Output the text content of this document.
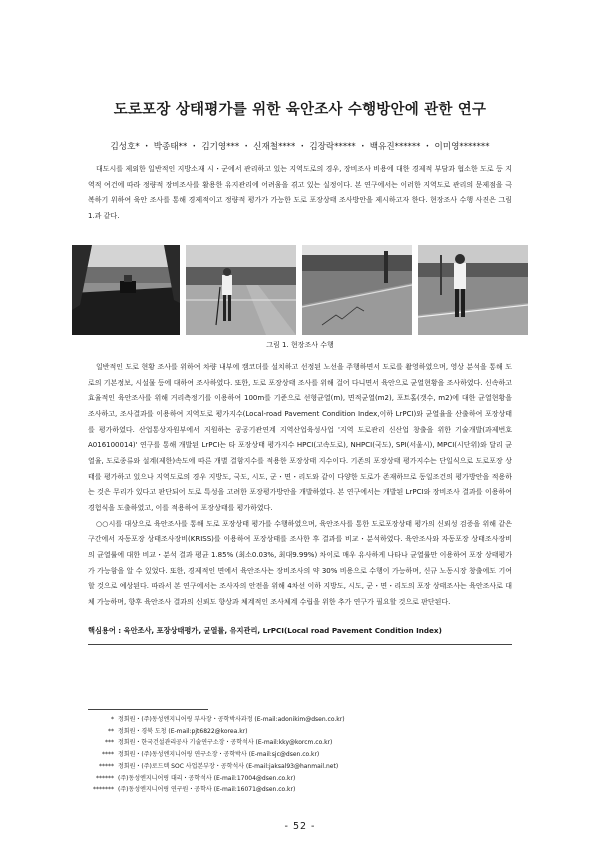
도로포장 상태평가를 위한 육안조사 수행방안에 관한 연구
김성호* ・ 박종태** ・ 김기영*** ・ 신재철**** ・ 김장락***** ・ 백유진****** ・ 이미영*******
대도시를 제외한 일반적인 지방소재 시・군에서 관리하고 있는 지역도로의 경우, 장비조사 비용에 대한 경제적 부담과 협소한 도로 등 지역적 여건에 따라 정량적 장비조사를 활용한 유지관리에 어려움을 겪고 있는 실정이다. 본 연구에서는 이러한 지역도로 관리의 문제점을 극복하기 위하여 육안 조사를 통해 경제적이고 정량적 평가가 가능한 도로 포장상태 조사방안을 제시하고자 한다. 현장조사 수행 사진은 그림 1.과 같다.
그림 1. 현장조사 수행

일반적인 도로 현황 조사를 위하여 차량 내부에 캠코더를 설치하고 선정된 노선을 주행하면서 도로를 촬영하였으며, 영상 분석을 통해 도로의 기본정보, 시설물 등에 대하여 조사하였다. 또한, 도로 포장상태 조사를 위해 걸어 다니면서 육안으로 균열현황을 조사하였다. 신속하고 효율적인 육안조사를 위해 거리측정기를 이용하여 100m를 기준으로 선형균열(m), 면적균열(m2), 포트홀(갯수, m2)에 대한 균열현황을 조사하고, 조사결과를 이용하여 지역도로 평가지수(Local-road Pavement Condition Index,이하 LrPCI)와 균열율을 산출하여 포장상태를 평가하였다. 산업통상자원부에서 지원하는 공공기관연계 지역산업육성사업 '지역 도로관리 신산업 창출을 위한 기술개발(과제번호A016100014)' 연구를 통해 개발된 LrPCI는 타 포장상태 평가지수 HPCI(고속도로), NHPCI(국도), SPI(서울시), MPCI(시단위)와 달리 균열율, 도로종류와 설계(제한)속도에 따른 개별 결함지수를 적용한 포장상태 지수이다. 기존의 포장상태 평가지수는 단일식으로 도로포장 상태를 평가하고 있으나 지역도로의 경우 지방도, 국도, 시도, 군・면・리도와 같이 다양한 도로가 존재하므로 동일조건의 평가방안을 적용하는 것은 무리가 있다고 판단되어 도로 특성을 고려한 포장평가방안을 개발하였다. 본 연구에서는 개발된 LrPCI와 장비조사 결과를 이용하여 경험식을 도출하였고, 이를 적용하여 포장상태를 평가하였다.

○○시를 대상으로 육안조사를 통해 도로 포장상태 평가를 수행하였으며, 육안조사를 통한 도로포장상태 평가의 신뢰성 검증을 위해 같은 구간에서 자동포장 상태조사장비(KRISS)를 이용하여 포장상태를 조사한 후 결과를 비교・분석하였다. 육안조사와 자동포장 상태조사장비의 균열률에 대한 비교・분석 결과 평균 1.85% (최소0.03%, 최대9.99%) 차이로 매우 유사하게 나타나 균열률만 이용하여 포장 상태평가가 가능함을 알 수 있었다. 또한, 경제적인 면에서 육안조사는 장비조사의 약 30% 비용으로 수행이 가능하며, 신규 노동시장 창출에도 기여할 것으로 예상된다. 따라서 본 연구에서는 조사자의 안전을 위해 4차선 이하 지방도, 시도, 군・면・리도의 포장 상태조사는 육안조사로 대체 가능하며, 향후 육안조사 결과의 신뢰도 향상과 체계적인 조사체계 수립을 위한 추가 연구가 필요할 것으로 판단된다.

핵심용어 : 육안조사, 포장상태평가, 균열률, 유지관리, LrPCI(Local road Pavement Condition Index)
* 정회원・(주)동성엔지니어링 부사장・공학박사과정 (E-mail:adonikim@dsen.co.kr)
** 정회원・경북 도청 (E-mail:pjt6822@korea.kr)
*** 정회원・한국건설관리공사 기술연구소장・공학석사 (E-mail:kky@korcm.co.kr)
**** 정회원・(주)동성엔지니어링 연구소장・공학박사 (E-mail:sjc@dsen.co.kr)
***** 정회원・(주)로드텍 SOC 사업본부장・공학석사 (E-mail:jaksal93@hanmail.net)
****** (주)동성엔지니어링 대리・공학석사 (E-mail:17004@dsen.co.kr)
******* (주)동성엔지니어링 연구원・공학사 (E-mail:16071@dsen.co.kr)
- 52 -
